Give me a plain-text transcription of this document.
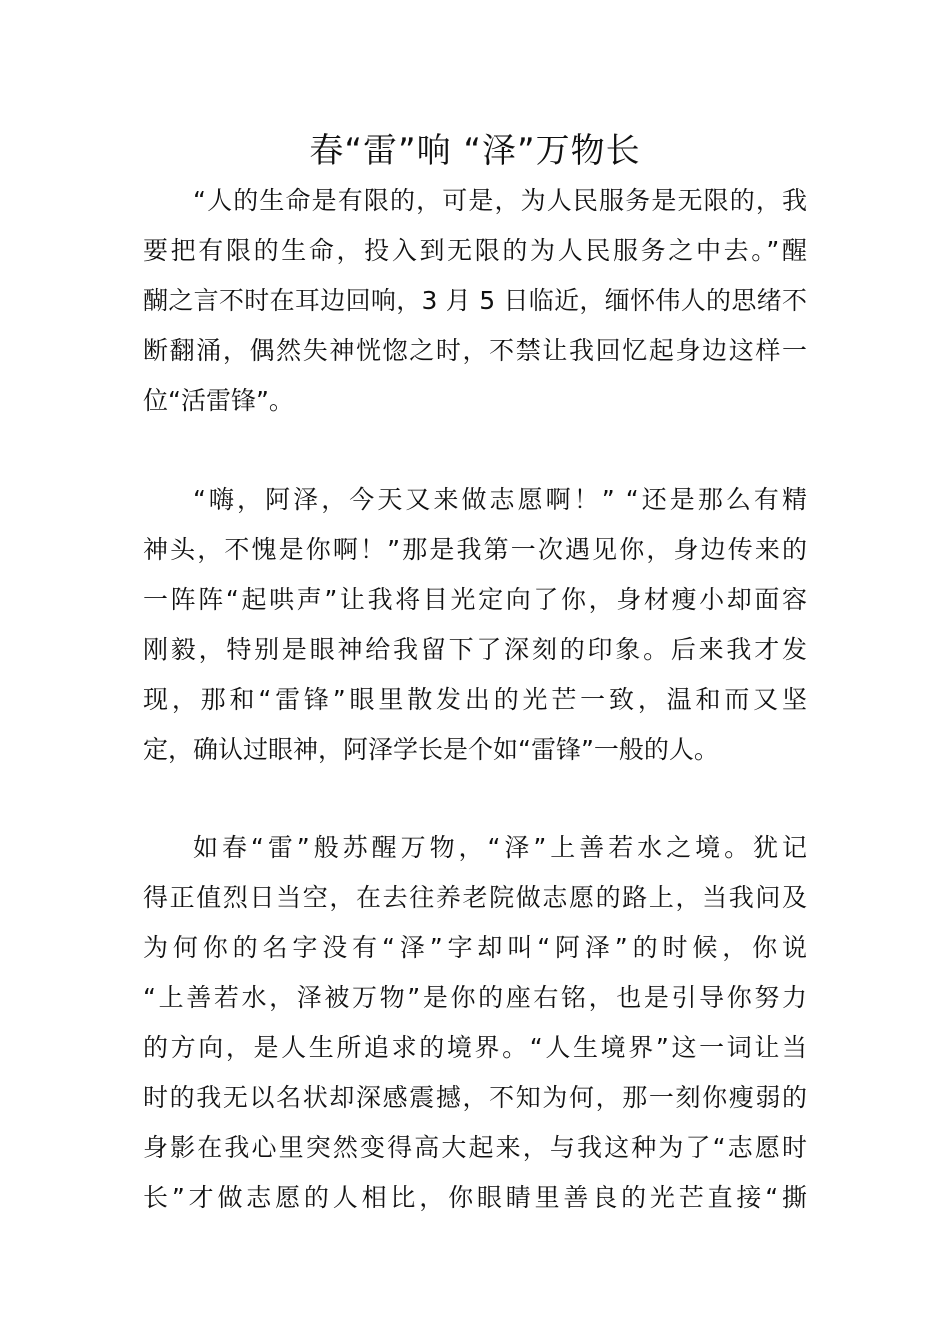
春“雷”响 “泽”万物长

“人的生命是有限的，可是，为人民服务是无限的，我

要把有限的生命，投入到无限的为人民服务之中去。”醒

醐之言不时在耳边回响，3 月 5 日临近，缅怀伟人的思绪不

断翻涌，偶然失神恍惚之时，不禁让我回忆起身边这样一

位“活雷锋”。

“嗨，阿泽，今天又来做志愿啊！” “还是那么有精

神头，不愧是你啊！”那是我第一次遇见你，身边传来的

一阵阵“起哄声”让我将目光定向了你，身材瘦小却面容

刚毅，特别是眼神给我留下了深刻的印象。后来我才发

现，那和“雷锋”眼里散发出的光芒一致，温和而又坚

定，确认过眼神，阿泽学长是个如“雷锋”一般的人。

如春“雷”般苏醒万物，“泽”上善若水之境。犹记

得正值烈日当空，在去往养老院做志愿的路上，当我问及

为何你的名字没有“泽”字却叫“阿泽”的时候，你说

“上善若水，泽被万物”是你的座右铭，也是引导你努力

的方向，是人生所追求的境界。“人生境界”这一词让当

时的我无以名状却深感震撼，不知为何，那一刻你瘦弱的

身影在我心里突然变得高大起来，与我这种为了“志愿时

长”才做志愿的人相比，你眼睛里善良的光芒直接“撕
